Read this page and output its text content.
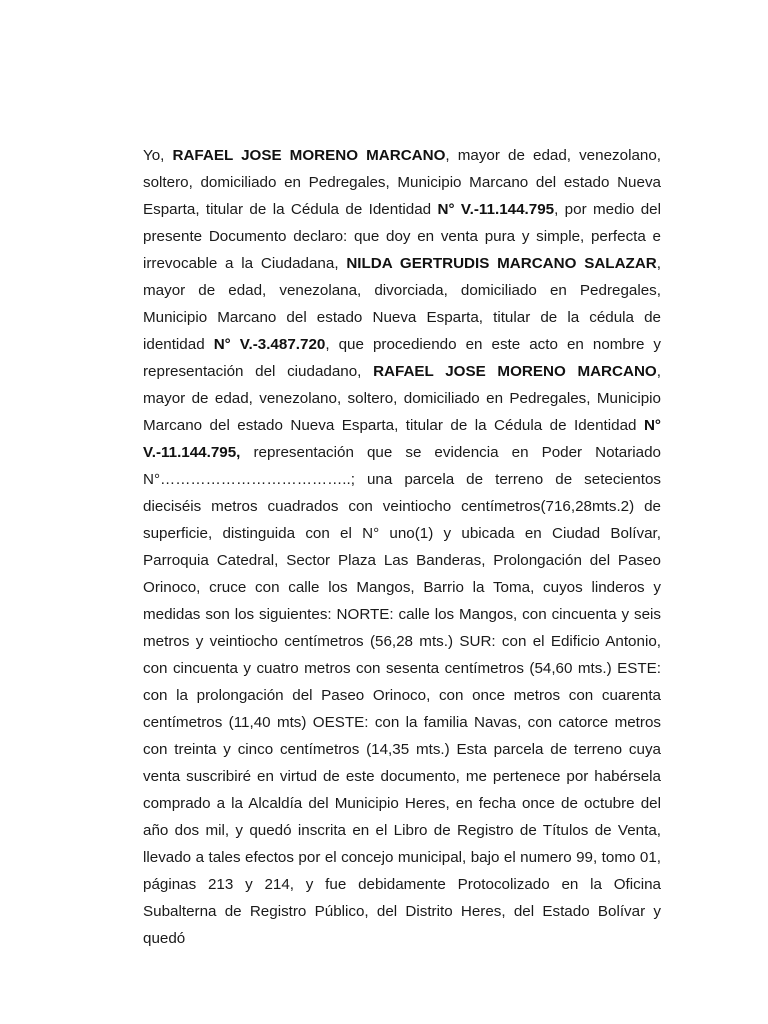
Yo, RAFAEL JOSE MORENO MARCANO, mayor de edad, venezolano, soltero, domiciliado en Pedregales, Municipio Marcano del estado Nueva Esparta, titular de la Cédula de Identidad N° V.-11.144.795, por medio del presente Documento declaro: que doy en venta pura y simple, perfecta e irrevocable a la Ciudadana, NILDA GERTRUDIS MARCANO SALAZAR, mayor de edad, venezolana, divorciada, domiciliado en Pedregales, Municipio Marcano del estado Nueva Esparta, titular de la cédula de identidad N° V.-3.487.720, que procediendo en este acto en nombre y representación del ciudadano, RAFAEL JOSE MORENO MARCANO, mayor de edad, venezolano, soltero, domiciliado en Pedregales, Municipio Marcano del estado Nueva Esparta, titular de la Cédula de Identidad N° V.-11.144.795, representación que se evidencia en Poder Notariado N°………………………………..; una parcela de terreno de setecientos dieciséis metros cuadrados con veintiocho centímetros(716,28mts.2) de superficie, distinguida con el N° uno(1) y ubicada en Ciudad Bolívar, Parroquia Catedral, Sector Plaza Las Banderas, Prolongación del Paseo Orinoco, cruce con calle los Mangos, Barrio la Toma, cuyos linderos y medidas son los siguientes: NORTE: calle los Mangos, con cincuenta y seis metros y veintiocho centímetros (56,28 mts.) SUR: con el Edificio Antonio, con cincuenta y cuatro metros con sesenta centímetros (54,60 mts.) ESTE: con la prolongación del Paseo Orinoco, con once metros con cuarenta centímetros (11,40 mts) OESTE: con la familia Navas, con catorce metros con treinta y cinco centímetros (14,35 mts.) Esta parcela de terreno cuya venta suscribiré en virtud de este documento, me pertenece por habérsela comprado a la Alcaldía del Municipio Heres, en fecha once de octubre del año dos mil, y quedó inscrita en el Libro de Registro de Títulos de Venta, llevado a tales efectos por el concejo municipal, bajo el numero 99, tomo 01, páginas 213 y 214, y fue debidamente Protocolizado en la Oficina Subalterna de Registro Público, del Distrito Heres, del Estado Bolívar y quedó
